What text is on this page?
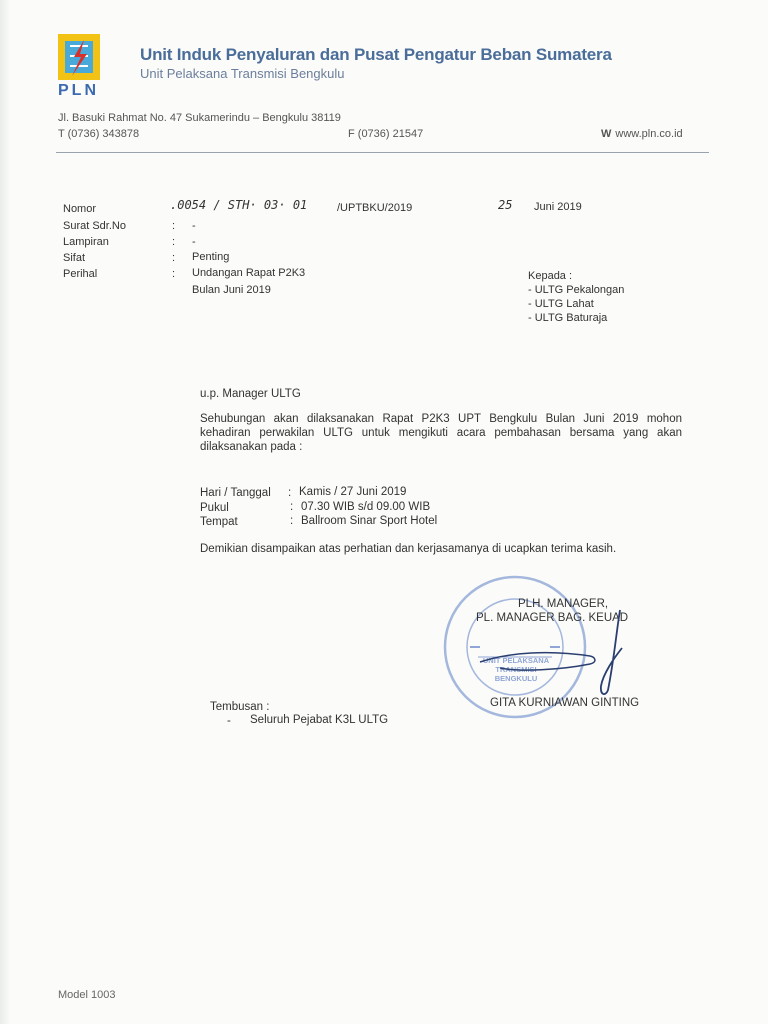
PLN
Unit Induk Penyaluran dan Pusat Pengatur Beban Sumatera
Unit Pelaksana Transmisi Bengkulu
Jl. Basuki Rahmat No. 47 Sukamerindu – Bengkulu 38119
T (0736) 343878	F (0736) 21547	W www.pln.co.id
Nomor	.0054 / STH· 03· 01	/UPTBKU/2019	25 Juni 2019
Surat Sdr.No	: -
Lampiran	: -
Sifat	: Penting
Perihal	: Undangan Rapat P2K3
Bulan Juni 2019
Kepada :
- ULTG Pekalongan
- ULTG Lahat
- ULTG Baturaja
u.p. Manager ULTG
Sehubungan akan dilaksanakan Rapat P2K3 UPT Bengkulu Bulan Juni 2019 mohon kehadiran perwakilan ULTG untuk mengikuti acara pembahasan bersama yang akan dilaksanakan pada :
Hari / Tanggal : Kamis / 27 Juni 2019
Pukul	: 07.30 WIB s/d 09.00 WIB
Tempat	: Ballroom Sinar Sport Hotel
Demikian disampaikan atas perhatian dan kerjasamanya di ucapkan terima kasih.
UNIT PELAKSANA TRANSMISI BENGKULU
PLH. MANAGER,
PL. MANAGER BAG. KEUAD
GITA KURNIAWAN GINTING
Tembusan :
- Seluruh Pejabat K3L ULTG
Model 1003
